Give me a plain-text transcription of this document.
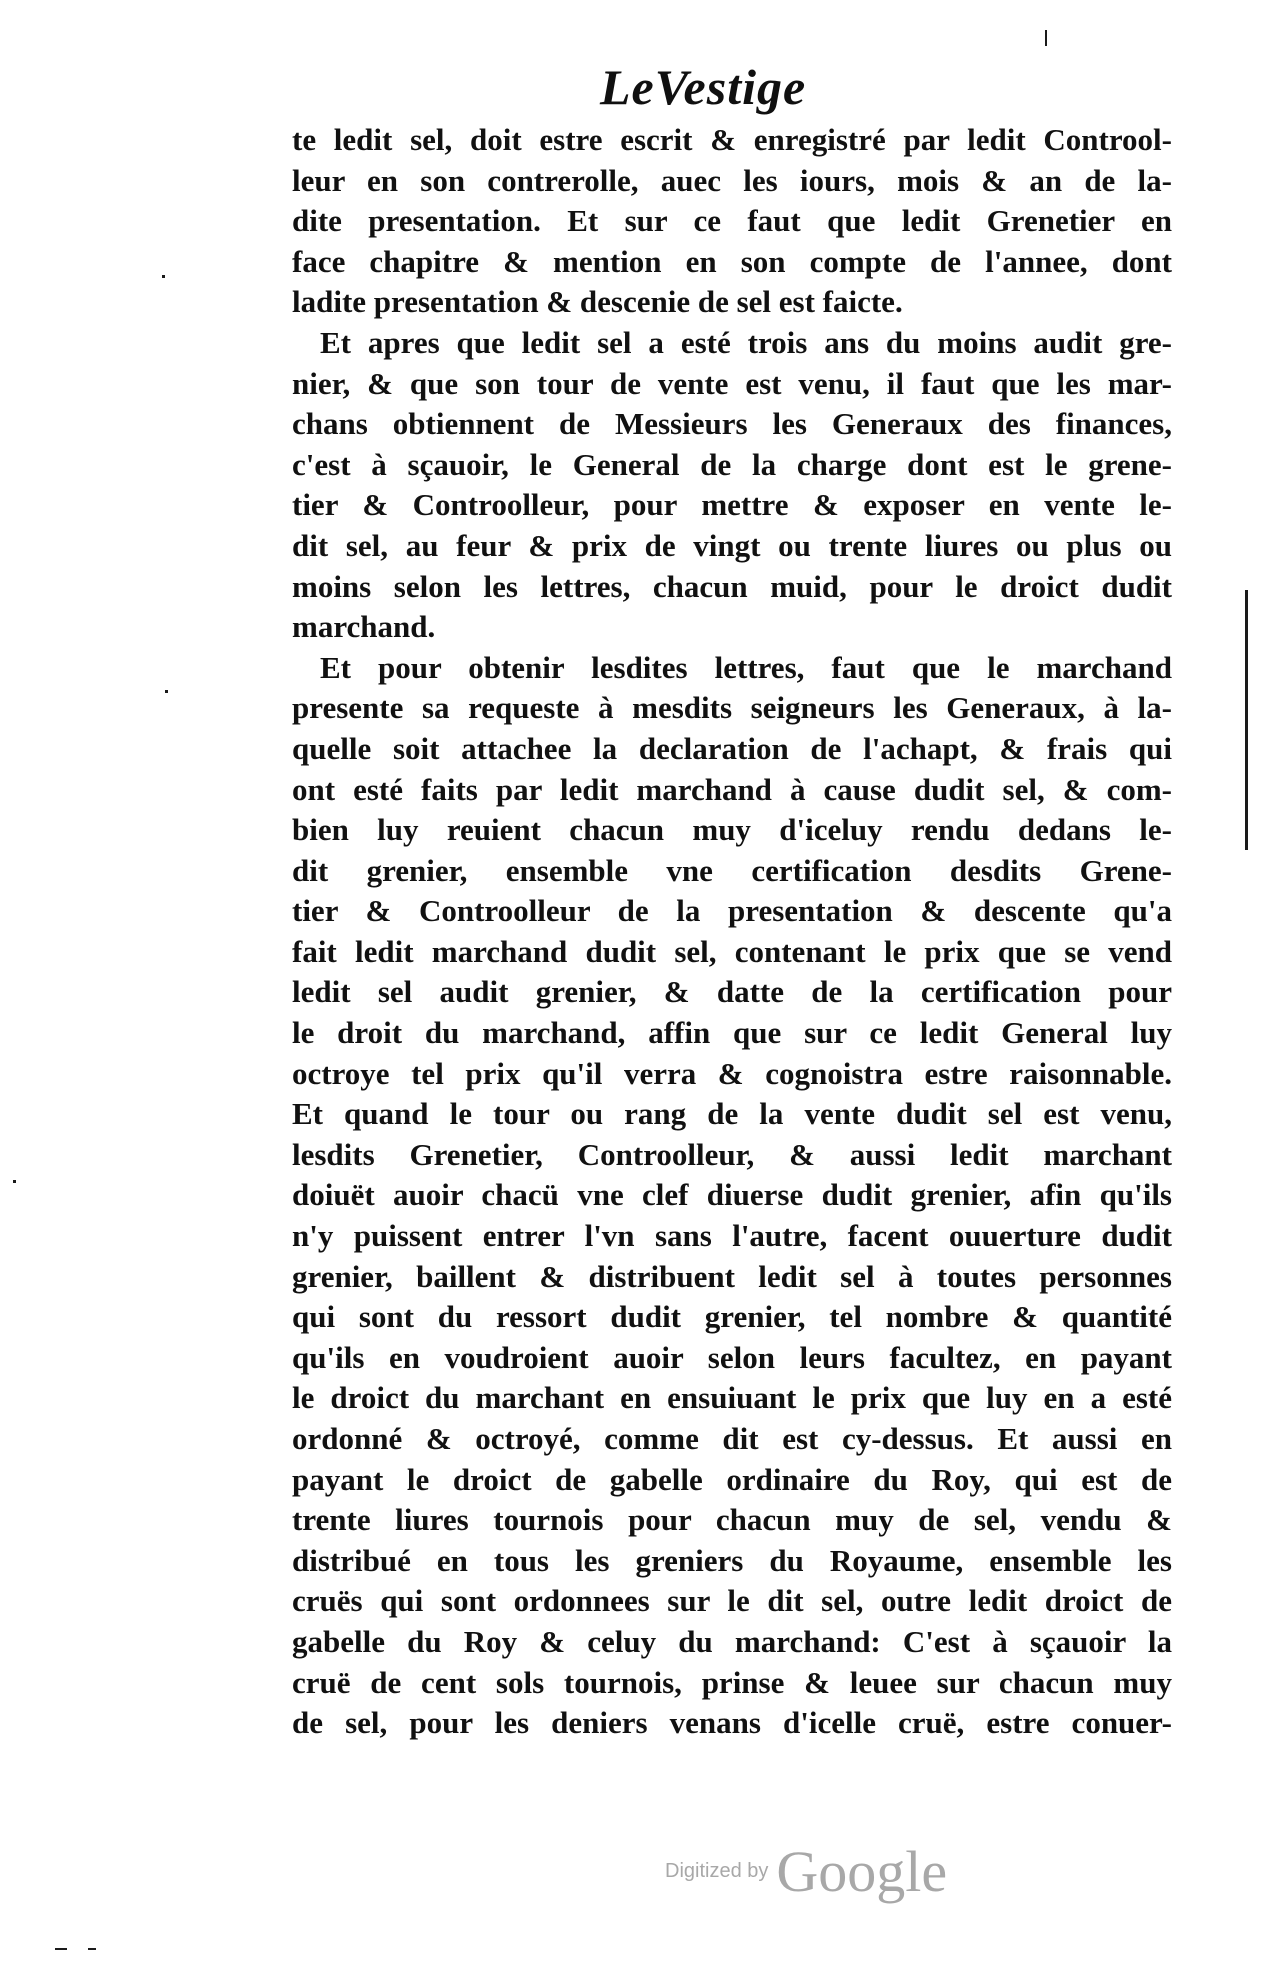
LeVestige
te ledit sel, doit estre escrit & enregistré par ledit Controol-
leur en son contrerolle, auec les iours, mois & an de la-
dite presentation. Et sur ce faut que ledit Grenetier en
face chapitre & mention en son compte de l'annee, dont
ladite presentation & descenie de sel est faicte.
Et apres que ledit sel a esté trois ans du moins audit gre-
nier, & que son tour de vente est venu, il faut que les mar-
chans obtiennent de Messieurs les Generaux des finances,
c'est à sçauoir, le General de la charge dont est le grene-
tier & Controolleur, pour mettre & exposer en vente le-
dit sel, au feur & prix de vingt ou trente liures ou plus ou
moins selon les lettres, chacun muid, pour le droict dudit
marchand.
Et pour obtenir lesdites lettres, faut que le marchand
presente sa requeste à mesdits seigneurs les Generaux, à la-
quelle soit attachee la declaration de l'achapt, & frais qui
ont esté faits par ledit marchand à cause dudit sel, & com-
bien luy reuient chacun muy d'iceluy rendu dedans le-
dit grenier, ensemble vne certification desdits Grene-
tier & Controolleur de la presentation & descente qu'a
fait ledit marchand dudit sel, contenant le prix que se vend
ledit sel audit grenier, & datte de la certification pour
le droit du marchand, affin que sur ce ledit General luy
octroye tel prix qu'il verra & cognoistra estre raisonnable.
Et quand le tour ou rang de la vente dudit sel est venu,
lesdits Grenetier, Controolleur, & aussi ledit marchant
doiuët auoir chacü vne clef diuerse dudit grenier, afin qu'ils
n'y puissent entrer l'vn sans l'autre, facent ouuerture dudit
grenier, baillent & distribuent ledit sel à toutes personnes
qui sont du ressort dudit grenier, tel nombre & quantité
qu'ils en voudroient auoir selon leurs facultez, en payant
le droict du marchant en ensuiuant le prix que luy en a esté
ordonné & octroyé, comme dit est cy-dessus. Et aussi en
payant le droict de gabelle ordinaire du Roy, qui est de
trente liures tournois pour chacun muy de sel, vendu &
distribué en tous les greniers du Royaume, ensemble les
cruës qui sont ordonnees sur le dit sel, outre ledit droict de
gabelle du Roy & celuy du marchand: C'est à sçauoir la
cruë de cent sols tournois, prinse & leuee sur chacun muy
de sel, pour les deniers venans d'icelle cruë, estre conuer-
Digitized by Google
